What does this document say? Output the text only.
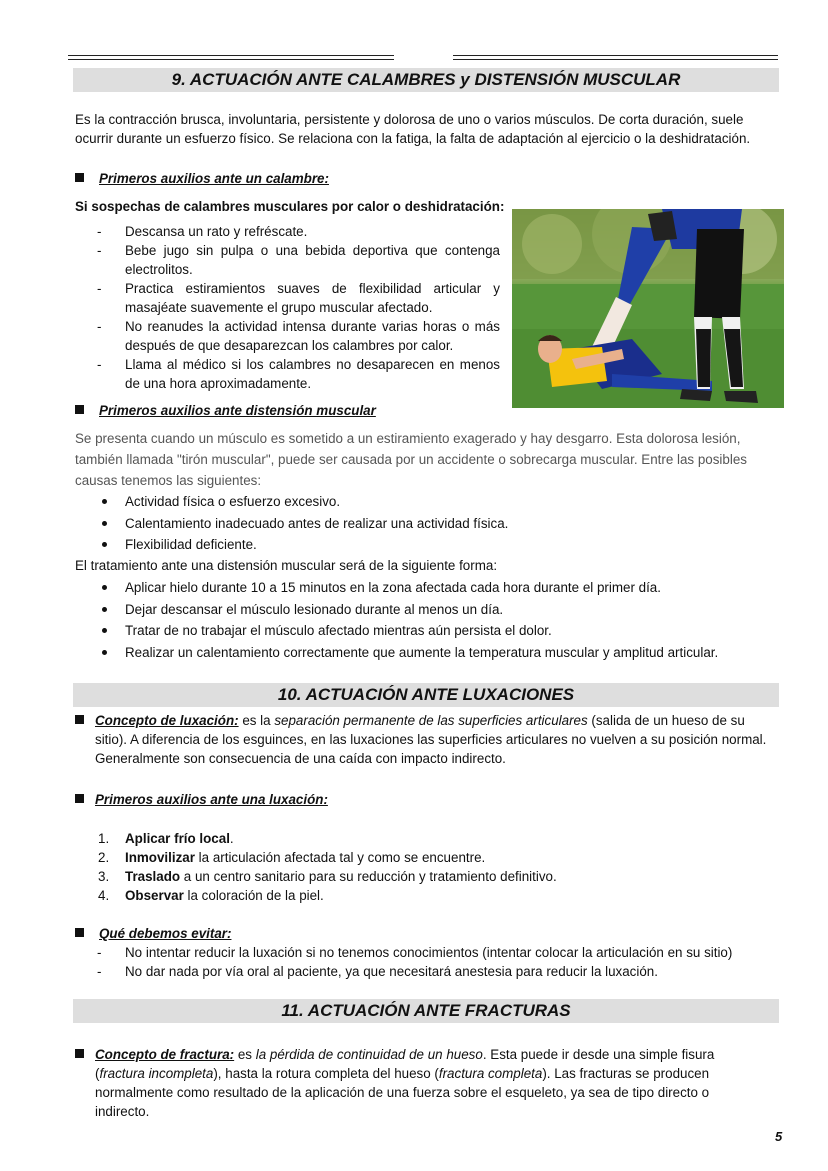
9. ACTUACIÓN ANTE CALAMBRES y DISTENSIÓN MUSCULAR
Es la contracción brusca, involuntaria, persistente y dolorosa de uno o varios músculos. De corta duración, suele
ocurrir durante un esfuerzo físico. Se relaciona con la fatiga, la falta de adaptación al ejercicio o la deshidratación.
Primeros auxilios ante un calambre:
Si sospechas de calambres musculares por calor o deshidratación:
- Descansa un rato y refréscate.
- Bebe jugo sin pulpa o una bebida deportiva que contenga electrolitos.
- Practica estiramientos suaves de flexibilidad articular y masajéate suavemente el grupo muscular afectado.
- No reanudes la actividad intensa durante varias horas o más después de que desaparezcan los calambres por calor.
- Llama al médico si los calambres no desaparecen en menos de una hora aproximadamente.
Primeros auxilios ante distensión muscular
Se presenta cuando un músculo es sometido a un estiramiento exagerado y hay desgarro. Esta dolorosa lesión,
también llamada "tirón muscular", puede ser causada por un accidente o sobrecarga muscular. Entre las posibles
causas tenemos las siguientes:
Actividad física o esfuerzo excesivo.
Calentamiento inadecuado antes de realizar una actividad física.
Flexibilidad deficiente.
El tratamiento ante una distensión muscular será de la siguiente forma:
Aplicar hielo durante 10 a 15 minutos en la zona afectada cada hora durante el primer día.
Dejar descansar el músculo lesionado durante al menos un día.
Tratar de no trabajar el músculo afectado mientras aún persista el dolor.
Realizar un calentamiento correctamente que aumente la temperatura muscular y amplitud articular.
10. ACTUACIÓN ANTE LUXACIONES
Concepto de luxación: es la separación permanente de las superficies articulares (salida de un hueso de su
sitio). A diferencia de los esguinces, en las luxaciones las superficies articulares no vuelven a su posición normal.
Generalmente son consecuencia de una caída con impacto indirecto.
Primeros auxilios ante una luxación:
1. Aplicar frío local.
2. Inmovilizar la articulación afectada tal y como se encuentre.
3. Traslado a un centro sanitario para su reducción y tratamiento definitivo.
4. Observar la coloración de la piel.
Qué debemos evitar:
- No intentar reducir la luxación si no tenemos conocimientos (intentar colocar la articulación en su sitio)
- No dar nada por vía oral al paciente, ya que necesitará anestesia para reducir la luxación.
11. ACTUACIÓN ANTE FRACTURAS
Concepto de fractura: es la pérdida de continuidad de un hueso. Esta puede ir desde una simple fisura
(fractura incompleta), hasta la rotura completa del hueso (fractura completa). Las fracturas se producen
normalmente como resultado de la aplicación de una fuerza sobre el esqueleto, ya sea de tipo directo o
indirecto.
5
